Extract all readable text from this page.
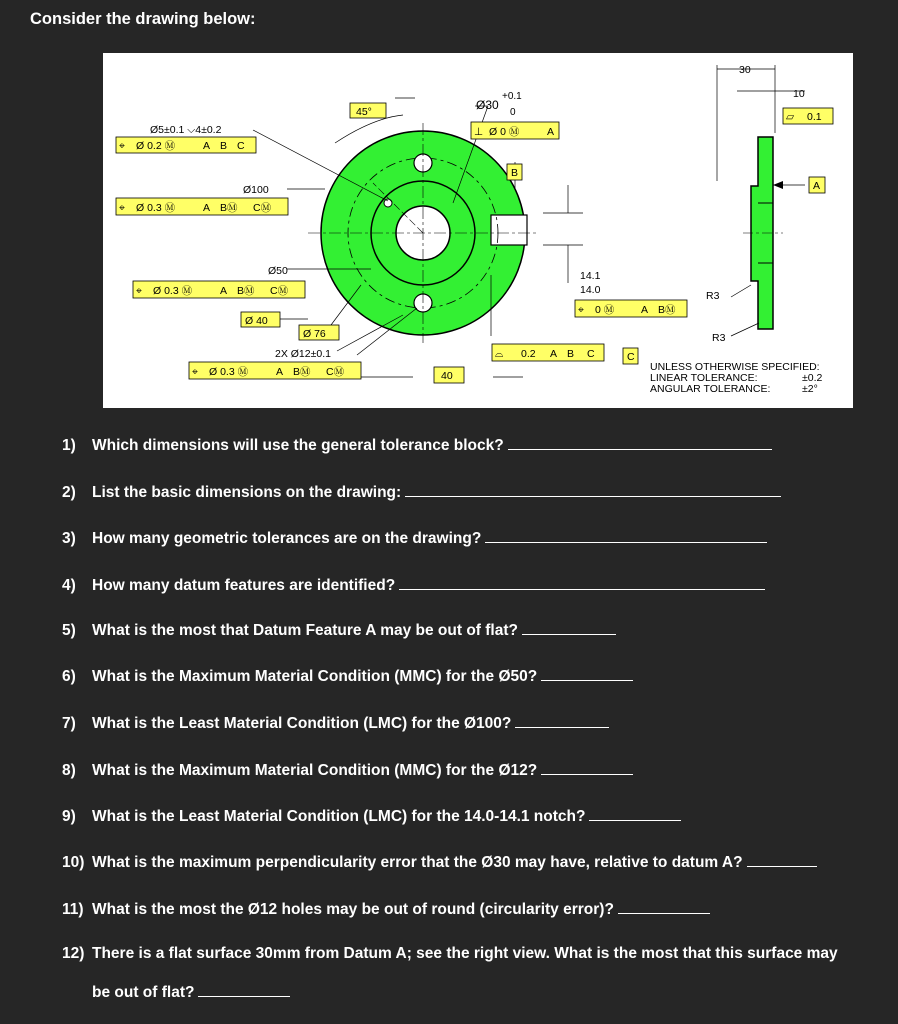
Consider the drawing below:
Ø5±0.1 ⌵4±0.2
⌖ Ø 0.2 Ⓜ	A B C
Ø100
⌖ Ø 0.3 Ⓜ	A BⓂ CⓂ
Ø50
⌖ Ø 0.3 Ⓜ	A BⓂ CⓂ
Ø 40
Ø 76
2X Ø12±0.1
⌖ Ø 0.3 Ⓜ	A BⓂ CⓂ
45°	Ø30
+0.1
0
⊥ Ø 0 Ⓜ	A
B
14.1
14.0
⌖ 0 Ⓜ	A BⓂ
⌓ 0.2 A B C	C
40
30
10
▱ 0.1
A
R3
R3
UNLESS OTHERWISE SPECIFIED:
LINEAR TOLERANCE:	±0.2
ANGULAR TOLERANCE:	±2°
1)	Which dimensions will use the general tolerance block?
2)	List the basic dimensions on the drawing:
3)	How many geometric tolerances are on the drawing?
4)	How many datum features are identified?
5)	What is the most that Datum Feature A may be out of flat?
6)	What is the Maximum Material Condition (MMC) for the Ø50?
7)	What is the Least Material Condition (LMC) for the Ø100?
8)	What is the Maximum Material Condition (MMC) for the Ø12?
9)	What is the Least Material Condition (LMC) for the 14.0-14.1 notch?
10) What is the maximum perpendicularity error that the Ø30 may have, relative to datum A?
11) What is the most the Ø12 holes may be out of round (circularity error)?
12) There is a flat surface 30mm from Datum A; see the right view. What is the most that this surface may
be out of flat?
